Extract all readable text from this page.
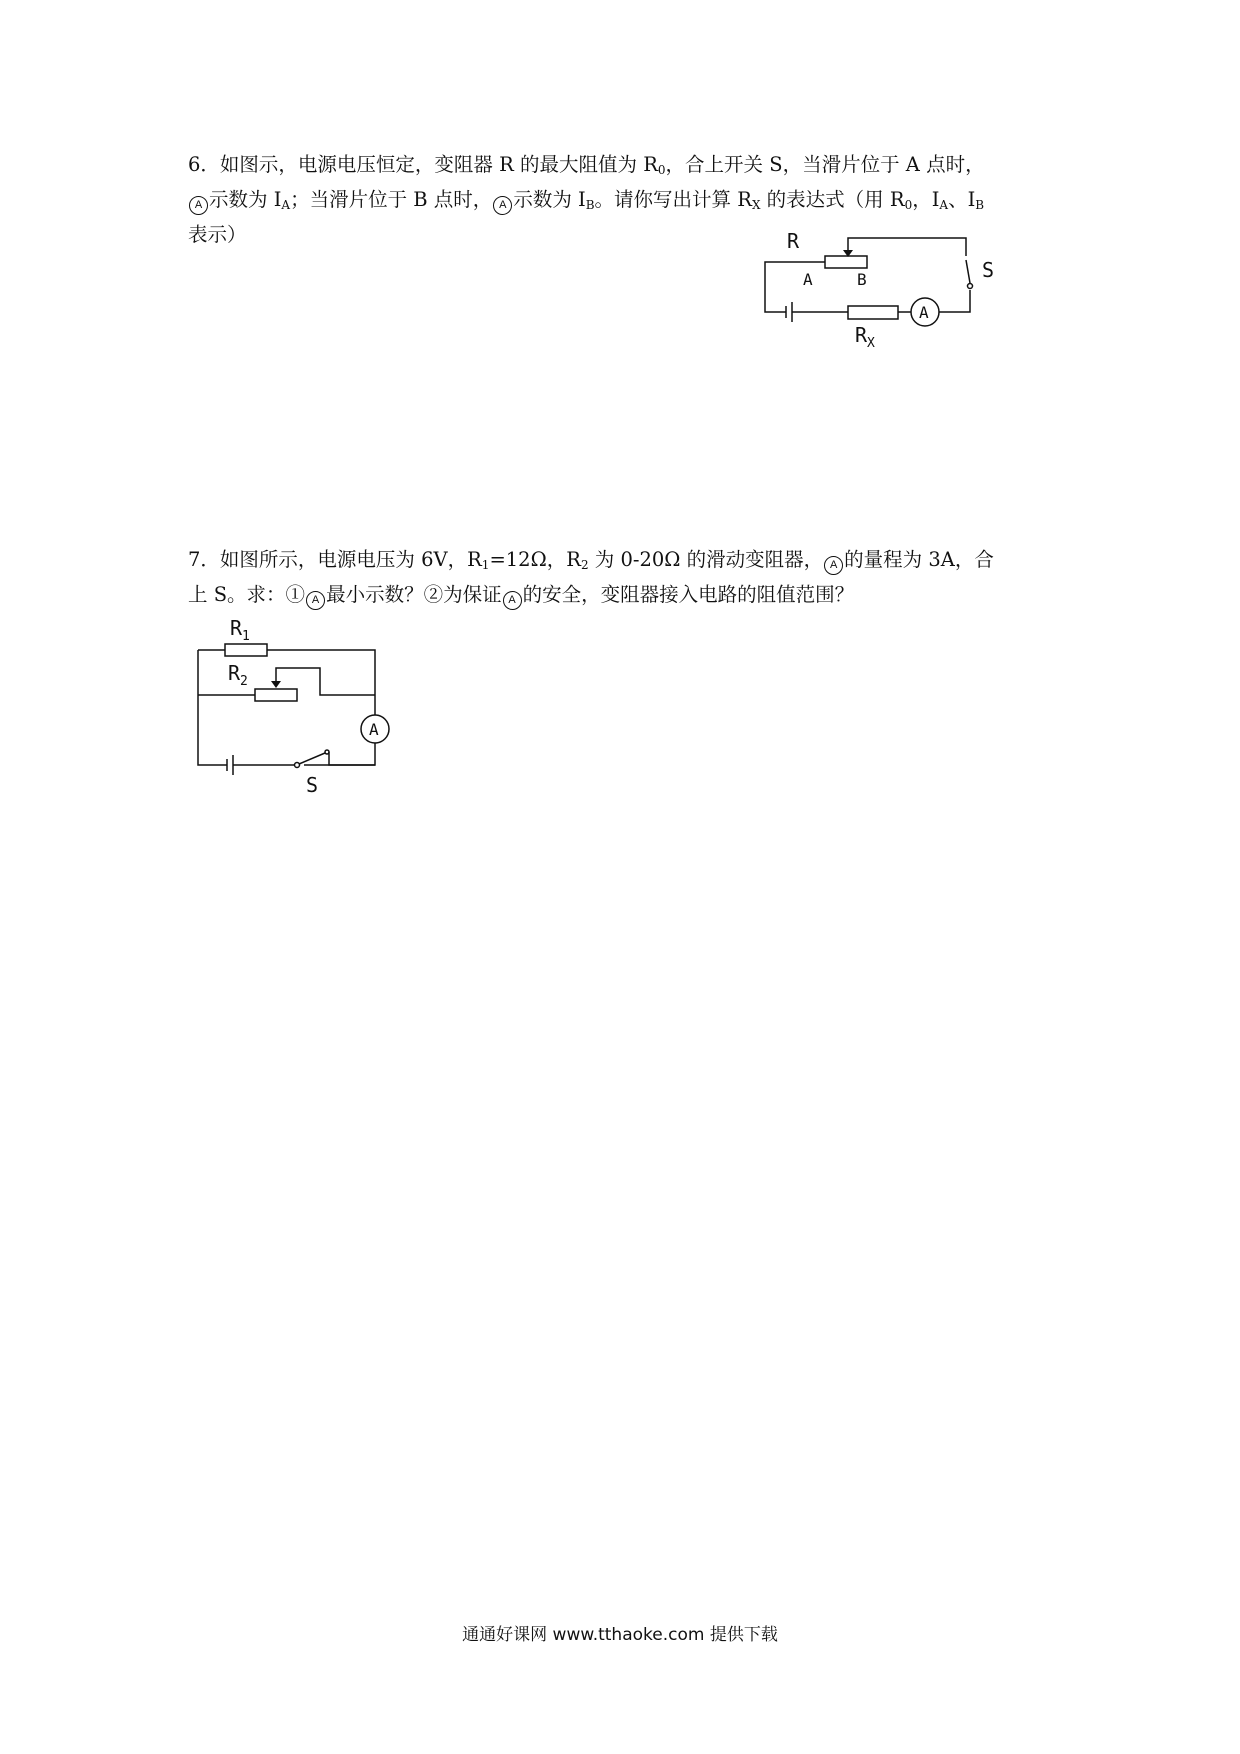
6．如图示，电源电压恒定，变阻器 R 的最大阻值为 $R_0$，合上开关 S，当滑片位于 A 点时，
A 示数为 $I_A$；当滑片位于 B 点时， A 示数为 $I_B$。请你写出计算 $R_X$ 的表达式（用 $R_0$，$I_A$、$I_B$
表示）	R
A	B	S
A
$R_X$
7．如图所示，电源电压为 6V，$R_1=12\Omega$，$R_2$ 为 0-20Ω 的滑动变阻器， A 的量程为 3A，合
上 S。求：① A 最小示数？②为保证 A 的安全，变阻器接入电路的阻值范围？
$R_1$
$R_2$
A
S
通通好课网 www.tthaoke.com 提供下载
